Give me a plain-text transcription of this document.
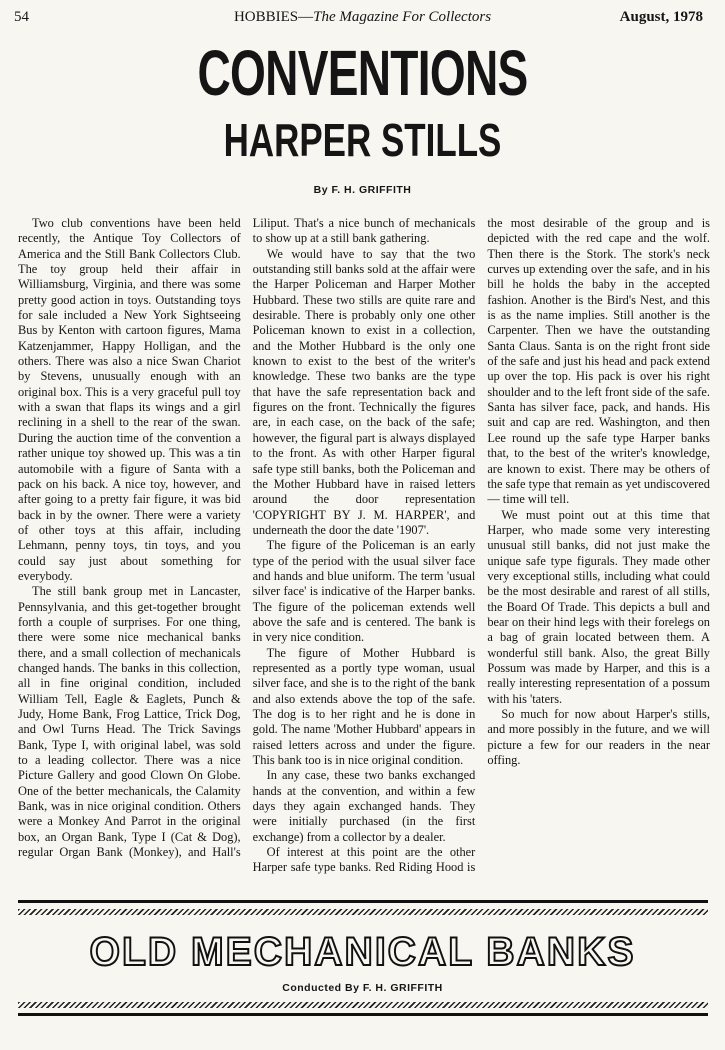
54	HOBBIES—The Magazine For Collectors	August, 1978
CONVENTIONS
HARPER STILLS
By F. H. GRIFFITH

Two club conventions have been held recently, the Antique Toy Collectors of America and the Still Bank Collectors Club. The toy group held their affair in Williamsburg, Virginia, and there was some pretty good action in toys. Outstanding toys for sale included a New York Sightseeing Bus by Kenton with cartoon figures, Mama Katzenjammer, Happy Holligan, and the others. There was also a nice Swan Chariot by Stevens, unusually enough with an original box. This is a very graceful pull toy with a swan that flaps its wings and a girl reclining in a shell to the rear of the swan. During the auction time of the convention a rather unique toy showed up. This was a tin automobile with a figure of Santa with a pack on his back. A nice toy, however, and after going to a pretty fair figure, it was bid back in by the owner. There were a variety of other toys at this affair, including Lehmann, penny toys, tin toys, and you could say just about something for everybody.

The still bank group met in Lancaster, Pennsylvania, and this get-together brought forth a couple of surprises. For one thing, there were some nice mechanical banks there, and a small collection of mechanicals changed hands. The banks in this collection, all in fine original condition, included William Tell, Eagle & Eaglets, Punch & Judy, Home Bank, Frog Lattice, Trick Dog, and Owl Turns Head. The Trick Savings Bank, Type I, with original label, was sold to a leading collector. There was a nice Picture Gallery and good Clown On Globe. One of the better mechanicals, the Calamity Bank, was in nice original condition. Others were a Monkey And Parrot in the original box, an Organ Bank, Type I (Cat & Dog), regular Organ Bank (Monkey), and Hall's Liliput. That's a nice bunch of mechanicals to show up at a still bank gathering.

We would have to say that the two outstanding still banks sold at the affair were the Harper Policeman and Harper Mother Hubbard. These two stills are quite rare and desirable. There is probably only one other Policeman known to exist in a collection, and the Mother Hubbard is the only one known to exist to the best of the writer's knowledge. These two banks are the type that have the safe representation back and figures on the front. Technically the figures are, in each case, on the back of the safe; however, the figural part is always displayed to the front. As with other Harper figural safe type still banks, both the Policeman and the Mother Hubbard have in raised letters around the door representation 'COPYRIGHT BY J. M. HARPER', and underneath the door the date '1907'.

The figure of the Policeman is an early type of the period with the usual silver face and hands and blue uniform. The term 'usual silver face' is indicative of the Harper banks. The figure of the policeman extends well above the safe and is centered. The bank is in very nice condition.

The figure of Mother Hubbard is represented as a portly type woman, usual silver face, and she is to the right of the bank and also extends above the top of the safe. The dog is to her right and he is done in gold. The name 'Mother Hubbard' appears in raised letters across and under the figure. This bank too is in nice original condition.

In any case, these two banks exchanged hands at the convention, and within a few days they again exchanged hands. They were initially purchased (in the first exchange) from a collector by a dealer.

Of interest at this point are the other Harper safe type banks. Red Riding Hood is the most desirable of the group and is depicted with the red cape and the wolf. Then there is the Stork. The stork's neck curves up extending over the safe, and in his bill he holds the baby in the accepted fashion. Another is the Bird's Nest, and this is as the name implies. Still another is the Carpenter. Then we have the outstanding Santa Claus. Santa is on the right front side of the safe and just his head and pack extend up over the top. His pack is over his right shoulder and to the left front side of the safe. Santa has silver face, pack, and hands. His suit and cap are red. Washington, and then Lee round up the safe type Harper banks that, to the best of the writer's knowledge, are known to exist. There may be others of the safe type that remain as yet undiscovered — time will tell.

We must point out at this time that Harper, who made some very interesting unusual still banks, did not just make the unique safe type figurals. They made other very exceptional stills, including what could be the most desirable and rarest of all stills, the Board Of Trade. This depicts a bull and bear on their hind legs with their forelegs on a bag of grain located between them. A wonderful still bank. Also, the great Billy Possum was made by Harper, and this is a really interesting representation of a possum with his 'taters.

So much for now about Harper's stills, and more possibly in the future, and we will picture a few for our readers in the near offing.

OLD MECHANICAL BANKS
Conducted By F. H. GRIFFITH
